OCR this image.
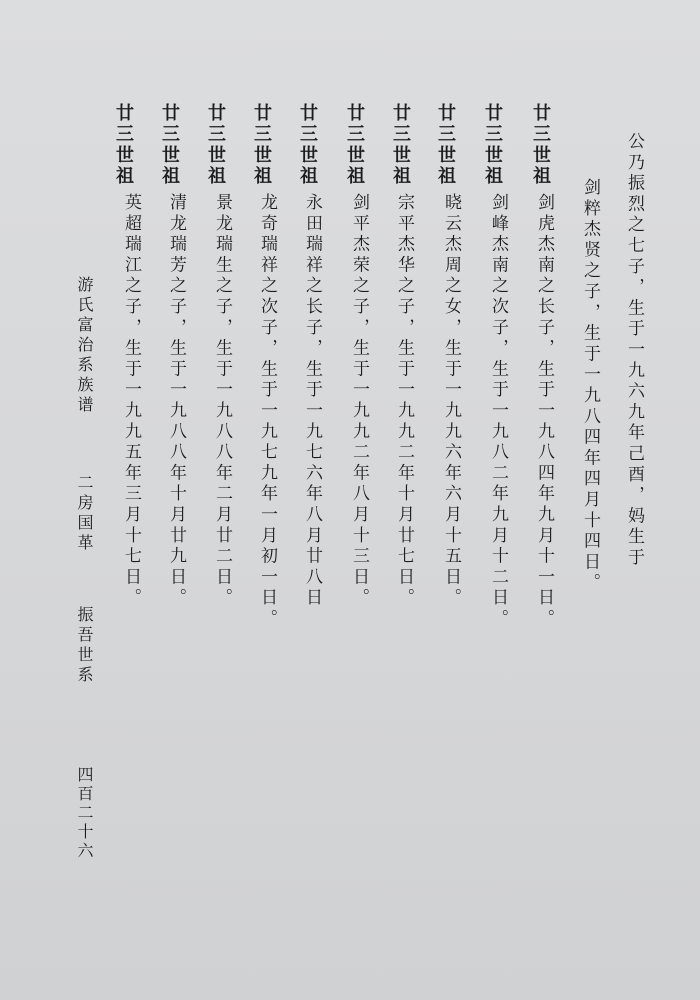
公乃振烈之七子，生于一九六九年己酉，妈生于
剑粹杰贤之子，生于一九八四年四月十四日。
廿三世祖
剑虎杰南之长子，生于一九八四年九月十一日。
廿三世祖
剑峰杰南之次子，生于一九八二年九月十二日。
廿三世祖
晓云杰周之女，生于一九九六年六月十五日。
廿三世祖
宗平杰华之子，生于一九九二年十月廿七日。
廿三世祖
剑平杰荣之子，生于一九九二年八月十三日。
廿三世祖
永田瑞祥之长子，生于一九七六年八月廿八日
廿三世祖
龙奇瑞祥之次子，生于一九七九年一月初一日。
廿三世祖
景龙瑞生之子，生于一九八八年二月廿二日。
廿三世祖
清龙瑞芳之子，生于一九八八年十月廿九日。
廿三世祖
英超瑞江之子，生于一九九五年三月十七日。
游氏富治系族谱
二房国革
振吾世系
四百二十六
